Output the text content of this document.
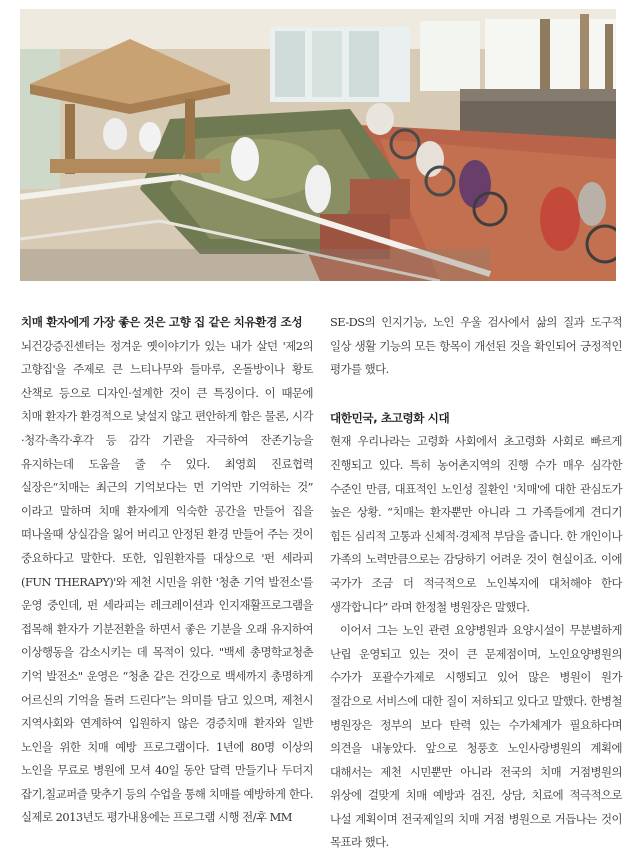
치매 환자에게 가장 좋은 것은 고향 집 같은 치유환경 조성

뇌건강증진센터는 정겨운 옛이야기가 있는 내가 살던 '제2의 고향집'을 주제로 큰 느티나무와 들마루, 온돌방이나 황토 산책로 등으로 디자인·설계한 것이 큰 특징이다. 이 때문에 치매 환자가 환경적으로 낯설지 않고 편안하게 함은 물론, 시각·청각·촉각·후각 등 감각 기관을 자극하여 잔존기능을 유지하는데 도움을 줄 수 있다. 최영희 진료협력 실장은“치매는 최근의 기억보다는 먼 기억만 기억하는 것” 이라고 말하며 치매 환자에게 익숙한 공간을 만들어 집을 떠나올때 상실감을 잃어 버리고 안정된 환경 만들어 주는 것이 중요하다고 말한다. 또한, 입원환자를 대상으로 '펀 세라피(FUN THERAPY)'와 제천 시민을 위한 '청춘 기억 발전소'를 운영 중인데, 펀 세라피는 레크레이션과 인지재활프로그램을 접목해 환자가 기분전환을 하면서 좋은 기분을 오래 유지하여 이상행동을 감소시키는 데 목적이 있다. "백세 총명학교청춘 기억 발전소" 운영은 “청춘 같은 건강으로 백세까지 총명하게 어르신의 기억을 돌려 드린다”는 의미를 담고 있으며, 제천시 지역사회와 연계하여 입원하지 않은 경증치매 환자와 일반 노인을 위한 치매 예방 프로그램이다. 1년에 80명 이상의 노인을 무료로 병원에 모셔 40일 동안 달력 만들기나 두더지 잡기,칠교퍼즐 맞추기 등의 수업을 통해 치매를 예방하게 한다. 실제로 2013년도 평가내용에는 프로그램 시행 전/후 MM

SE-DS의 인지기능, 노인 우울 검사에서 삶의 질과 도구적 일상 생활 기능의 모든 항목이 개선된 것을 확인되어 긍정적인 평가를 했다.

대한민국, 초고령화 시대

현재 우리나라는 고령화 사회에서 초고령화 사회로 빠르게 진행되고 있다. 특히 농어촌지역의 진행 수가 매우 심각한 수준인 만큼, 대표적인 노인성 질환인 '치매'에 대한 관심도가 높은 상황. “치매는 환자뿐만 아니라 그 가족들에게 견디기 힘든 심리적 고통과 신체적·경제적 부담을 줍니다. 한 개인이나 가족의 노력만큼으로는 감당하기 어려운 것이 현실이죠. 이에 국가가 조금 더 적극적으로 노인복지에 대처해야 한다 생각합니다” 라며 한정철 병원장은 말했다.

이어서 그는 노인 관련 요양병원과 요양시설이 무분별하게 난립 운영되고 있는 것이 큰 문제점이며, 노인요양병원의 수가가 포괄수가제로 시행되고 있어 많은 병원이 원가 절감으로 서비스에 대한 질이 저하되고 있다고 말했다. 한병철 병원장은 정부의 보다 탄력 있는 수가체계가 필요하다며 의견을 내놓았다. 앞으로 청풍호 노인사랑병원의 계획에 대해서는 제천 시민뿐만 아니라 전국의 치매 거점병원의 위상에 걸맞게 치매 예방과 검진, 상담, 치료에 적극적으로 나설 계획이며 전국제일의 치매 거점 병원으로 거듭나는 것이 목표라 했다.
